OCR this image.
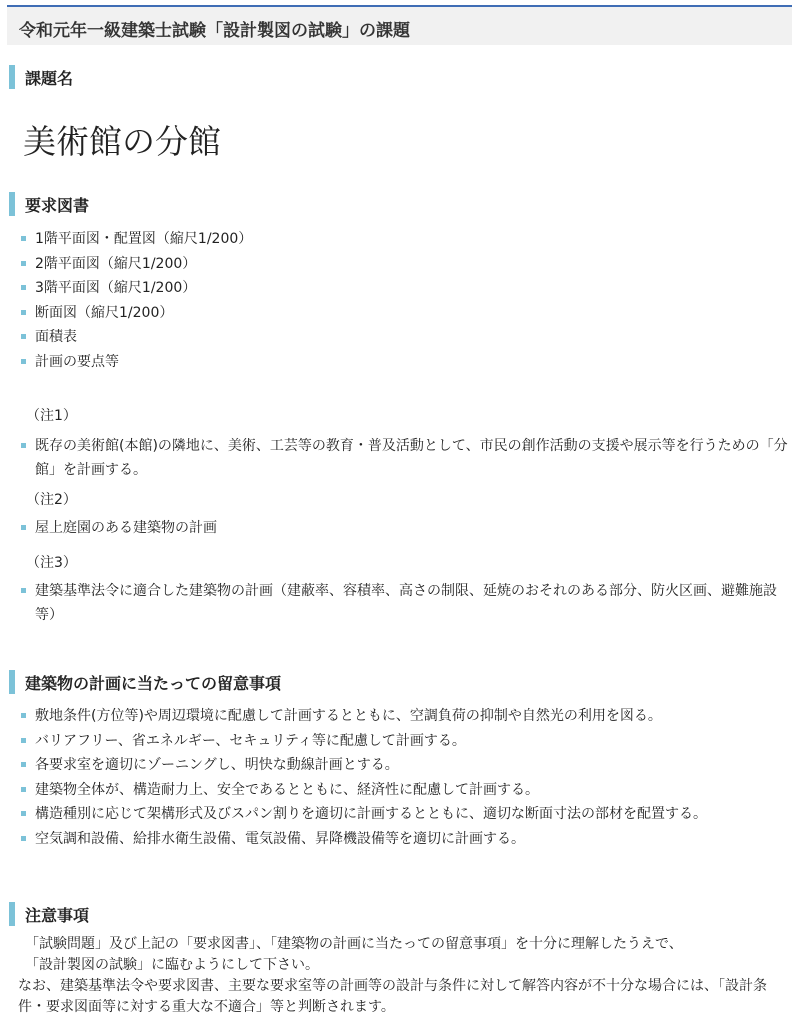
令和元年一級建築士試験「設計製図の試験」の課題
課題名
美術館の分館
要求図書
1階平面図・配置図（縮尺1/200）
2階平面図（縮尺1/200）
3階平面図（縮尺1/200）
断面図（縮尺1/200）
面積表
計画の要点等
（注1）
既存の美術館(本館)の隣地に、美術、工芸等の教育・普及活動として、市民の創作活動の支援や展示等を行うための「分館」を計画する。
（注2）
屋上庭園のある建築物の計画
（注3）
建築基準法令に適合した建築物の計画（建蔽率、容積率、高さの制限、延焼のおそれのある部分、防火区画、避難施設　等）
建築物の計画に当たっての留意事項
敷地条件(方位等)や周辺環境に配慮して計画するとともに、空調負荷の抑制や自然光の利用を図る。
バリアフリー、省エネルギー、セキュリティ等に配慮して計画する。
各要求室を適切にゾーニングし、明快な動線計画とする。
建築物全体が、構造耐力上、安全であるとともに、経済性に配慮して計画する。
構造種別に応じて架構形式及びスパン割りを適切に計画するとともに、適切な断面寸法の部材を配置する。
空気調和設備、給排水衛生設備、電気設備、昇降機設備等を適切に計画する。
注意事項
「試験問題」及び上記の「要求図書」、「建築物の計画に当たっての留意事項」を十分に理解したうえで、
「設計製図の試験」に臨むようにして下さい。
なお、建築基準法令や要求図書、主要な要求室等の計画等の設計与条件に対して解答内容が不十分な場合には、「設計条件・要求図面等に対する重大な不適合」等と判断されます。
